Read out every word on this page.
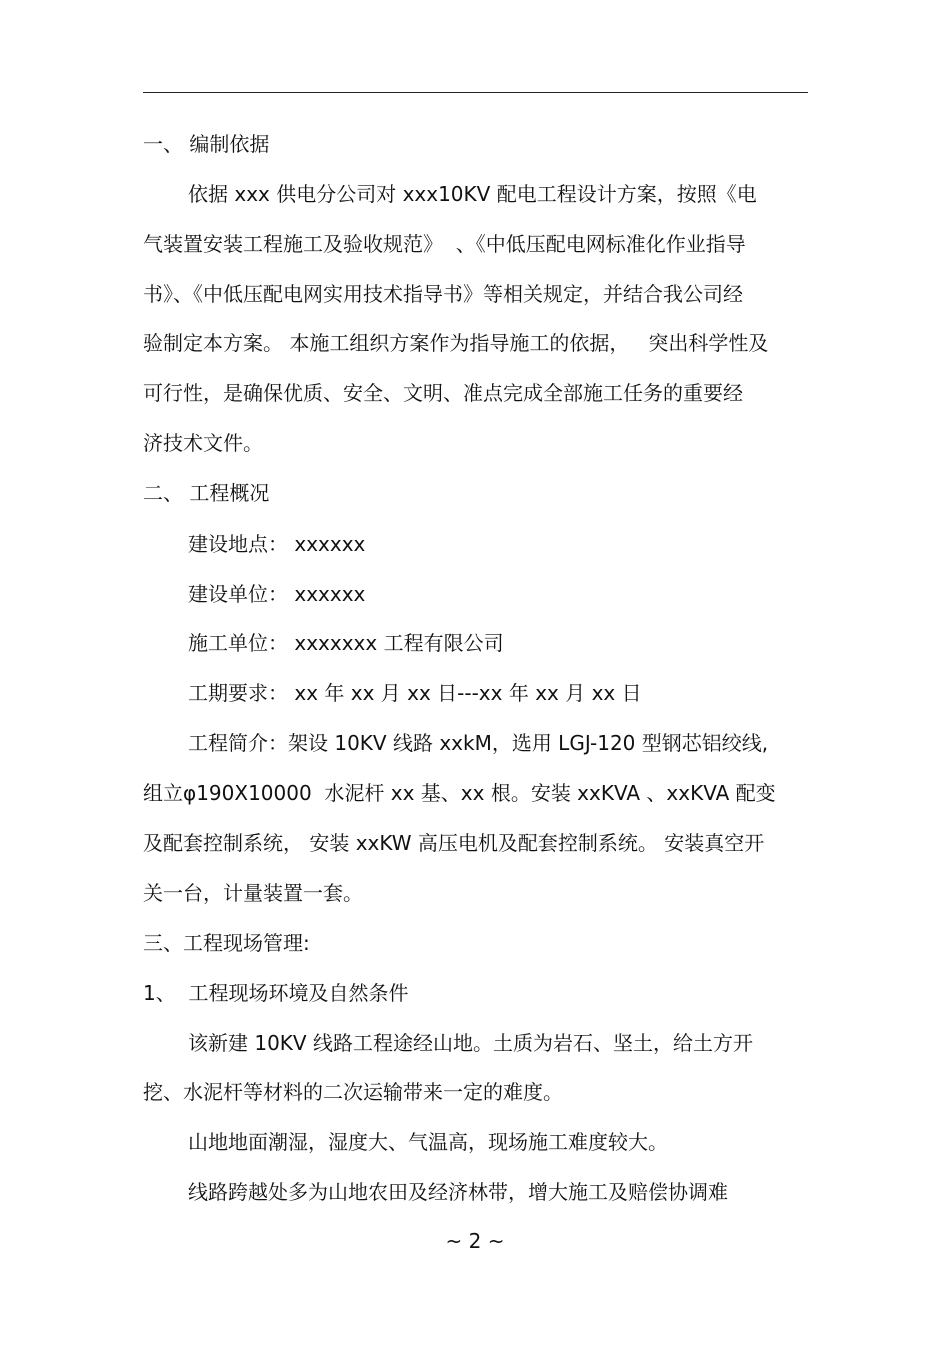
一、 编制依据

依据 xxx 供电分公司对 xxx10KV 配电工程设计方案，按照《电

气装置安装工程施工及验收规范》  、《中低压配电网标准化作业指导

书》、《中低压配电网实用技术指导书》等相关规定，并结合我公司经

验制定本方案。 本施工组织方案作为指导施工的依据，   突出科学性及

可行性，是确保优质、安全、文明、准点完成全部施工任务的重要经

济技术文件。

二、 工程概况

建设地点： xxxxxx

建设单位： xxxxxx

施工单位： xxxxxxx 工程有限公司

工期要求： xx 年 xx 月 xx 日---xx 年 xx 月 xx 日

工程简介：架设 10KV 线路 xxkM，选用 LGJ-120 型钢芯铝绞线,

组立φ190X10000  水泥杆 xx 基、xx 根。安装 xxKVA 、xxKVA 配变

及配套控制系统， 安装 xxKW 高压电机及配套控制系统。 安装真空开

关一台，计量装置一套。

三、工程现场管理:

1、  工程现场环境及自然条件

该新建 10KV 线路工程途经山地。土质为岩石、坚土，给土方开

挖、水泥杆等材料的二次运输带来一定的难度。

山地地面潮湿，湿度大、气温高，现场施工难度较大。

线路跨越处多为山地农田及经济林带，增大施工及赔偿协调难

~ 2 ~
